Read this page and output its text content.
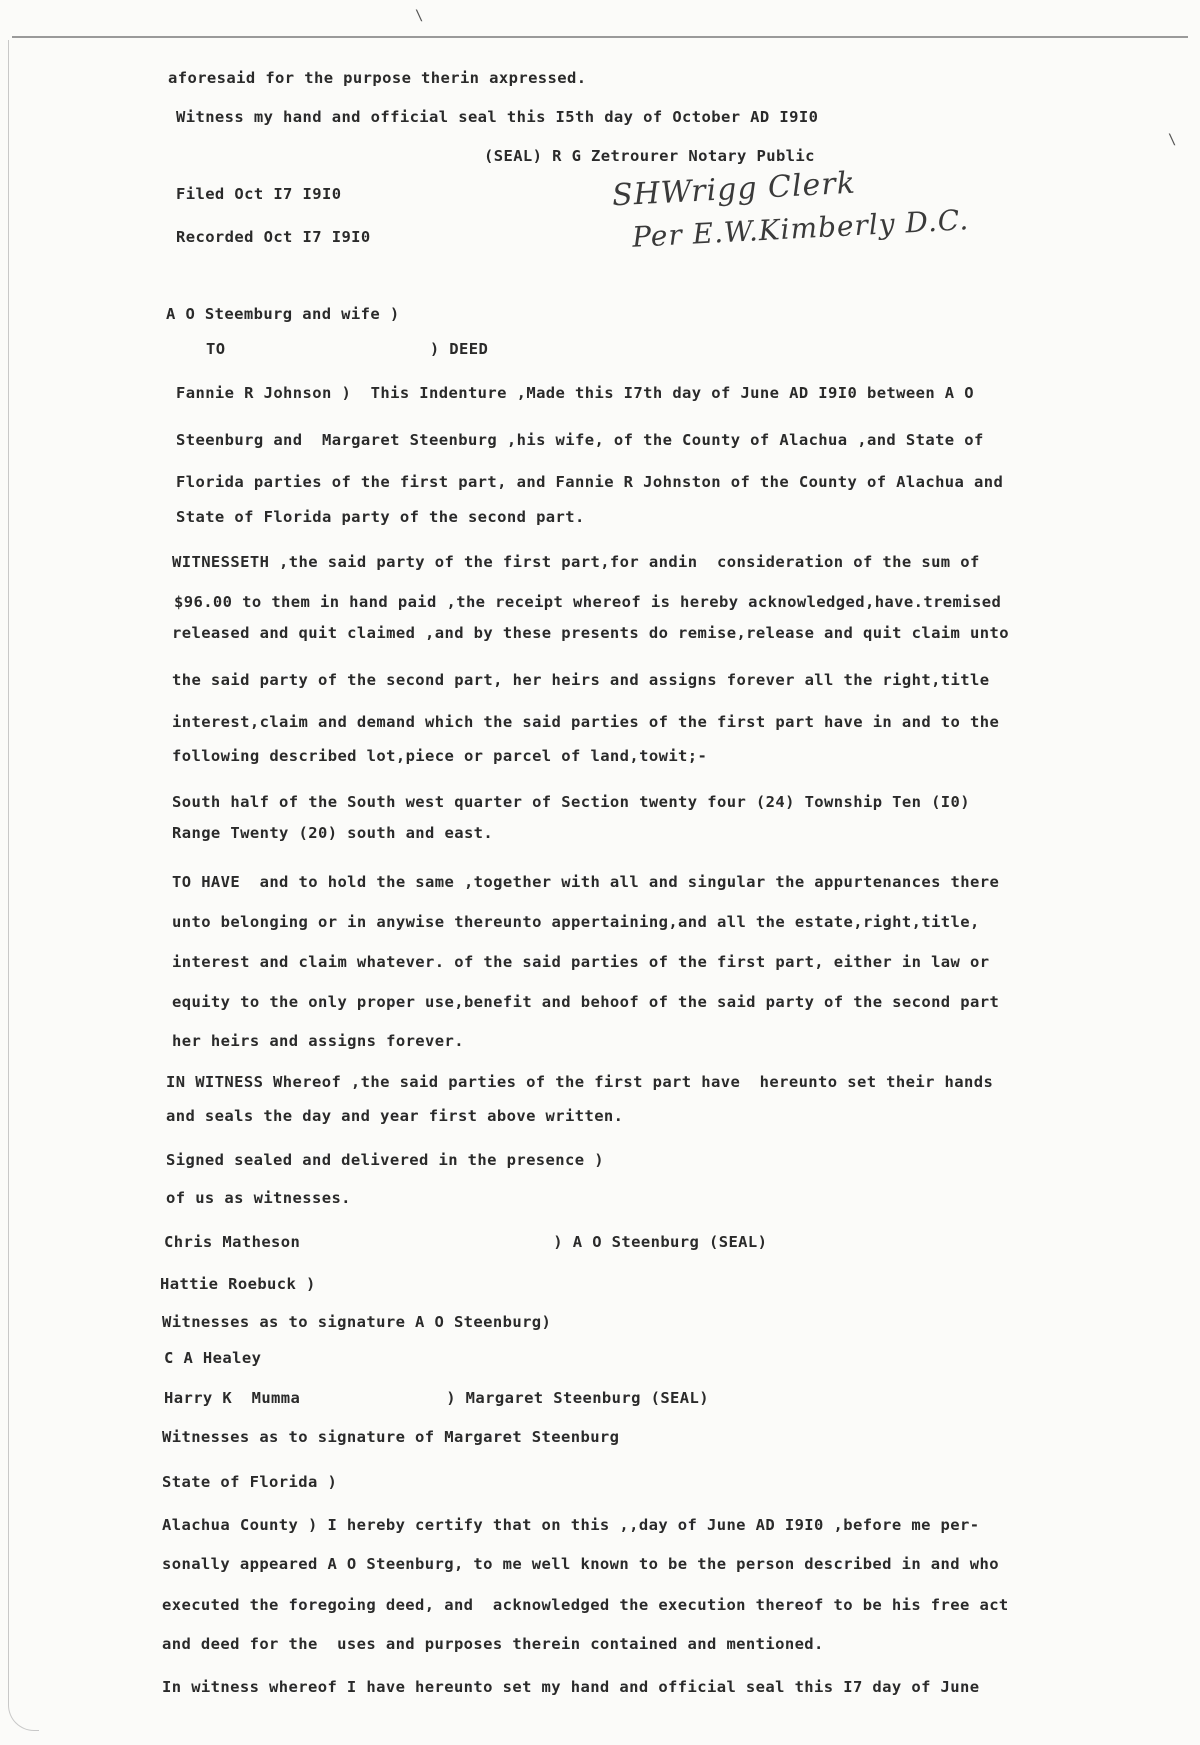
\
\
aforesaid for the purpose therin axpressed.
Witness my hand and official seal this I5th day of October AD I9I0
(SEAL) R G Zetrourer Notary Public
Filed Oct I7 I9I0
Recorded Oct I7 I9I0
SHWrigg Clerk
Per E.W.Kimberly D.C.
A O Steemburg and wife )
TO                     ) DEED
Fannie R Johnson )  This Indenture ,Made this I7th day of June AD I9I0 between A O
Steenburg and  Margaret Steenburg ,his wife, of the County of Alachua ,and State of
Florida parties of the first part, and Fannie R Johnston of the County of Alachua and
State of Florida party of the second part.
WITNESSETH ,the said party of the first part,for andin  consideration of the sum of
$96.00 to them in hand paid ,the receipt whereof is hereby acknowledged,have.tremised
released and quit claimed ,and by these presents do remise,release and quit claim unto
the said party of the second part, her heirs and assigns forever all the right,title
interest,claim and demand which the said parties of the first part have in and to the
following described lot,piece or parcel of land,towit;-
South half of the South west quarter of Section twenty four (24) Township Ten (I0)
Range Twenty (20) south and east.
TO HAVE  and to hold the same ,together with all and singular the appurtenances there
unto belonging or in anywise thereunto appertaining,and all the estate,right,title,
interest and claim whatever. of the said parties of the first part, either in law or
equity to the only proper use,benefit and behoof of the said party of the second part
her heirs and assigns forever.
IN WITNESS Whereof ,the said parties of the first part have  hereunto set their hands
and seals the day and year first above written.
Signed sealed and delivered in the presence )
of us as witnesses.
Chris Matheson                          ) A O Steenburg (SEAL)
Hattie Roebuck )
Witnesses as to signature A O Steenburg)
C A Healey
Harry K  Mumma               ) Margaret Steenburg (SEAL)
Witnesses as to signature of Margaret Steenburg
State of Florida )
Alachua County ) I hereby certify that on this ,,day of June AD I9I0 ,before me per-
sonally appeared A O Steenburg, to me well known to be the person described in and who
executed the foregoing deed, and  acknowledged the execution thereof to be his free act
and deed for the  uses and purposes therein contained and mentioned.
In witness whereof I have hereunto set my hand and official seal this I7 day of June
